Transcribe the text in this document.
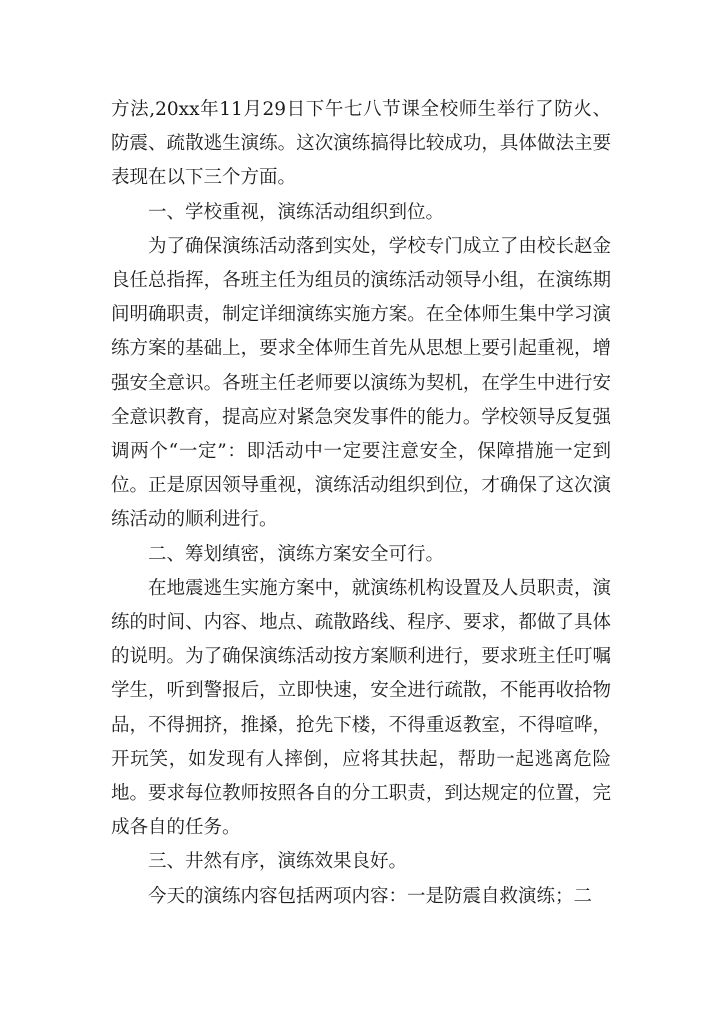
方法,20xx年11月29日下午七八节课全校师生举行了防火、防震、疏散逃生演练。这次演练搞得比较成功，具体做法主要表现在以下三个方面。

一、学校重视，演练活动组织到位。

为了确保演练活动落到实处，学校专门成立了由校长赵金良任总指挥，各班主任为组员的演练活动领导小组，在演练期间明确职责，制定详细演练实施方案。在全体师生集中学习演练方案的基础上，要求全体师生首先从思想上要引起重视，增强安全意识。各班主任老师要以演练为契机，在学生中进行安全意识教育，提高应对紧急突发事件的能力。学校领导反复强调两个“一定”：即活动中一定要注意安全，保障措施一定到位。正是原因领导重视，演练活动组织到位，才确保了这次演练活动的顺利进行。

二、筹划缜密，演练方案安全可行。

在地震逃生实施方案中，就演练机构设置及人员职责，演练的时间、内容、地点、疏散路线、程序、要求，都做了具体的说明。为了确保演练活动按方案顺利进行，要求班主任叮嘱学生，听到警报后，立即快速，安全进行疏散，不能再收拾物品，不得拥挤，推搡，抢先下楼，不得重返教室，不得喧哗，开玩笑，如发现有人摔倒，应将其扶起，帮助一起逃离危险地。要求每位教师按照各自的分工职责，到达规定的位置，完成各自的任务。

三、井然有序，演练效果良好。

今天的演练内容包括两项内容：一是防震自救演练；二
